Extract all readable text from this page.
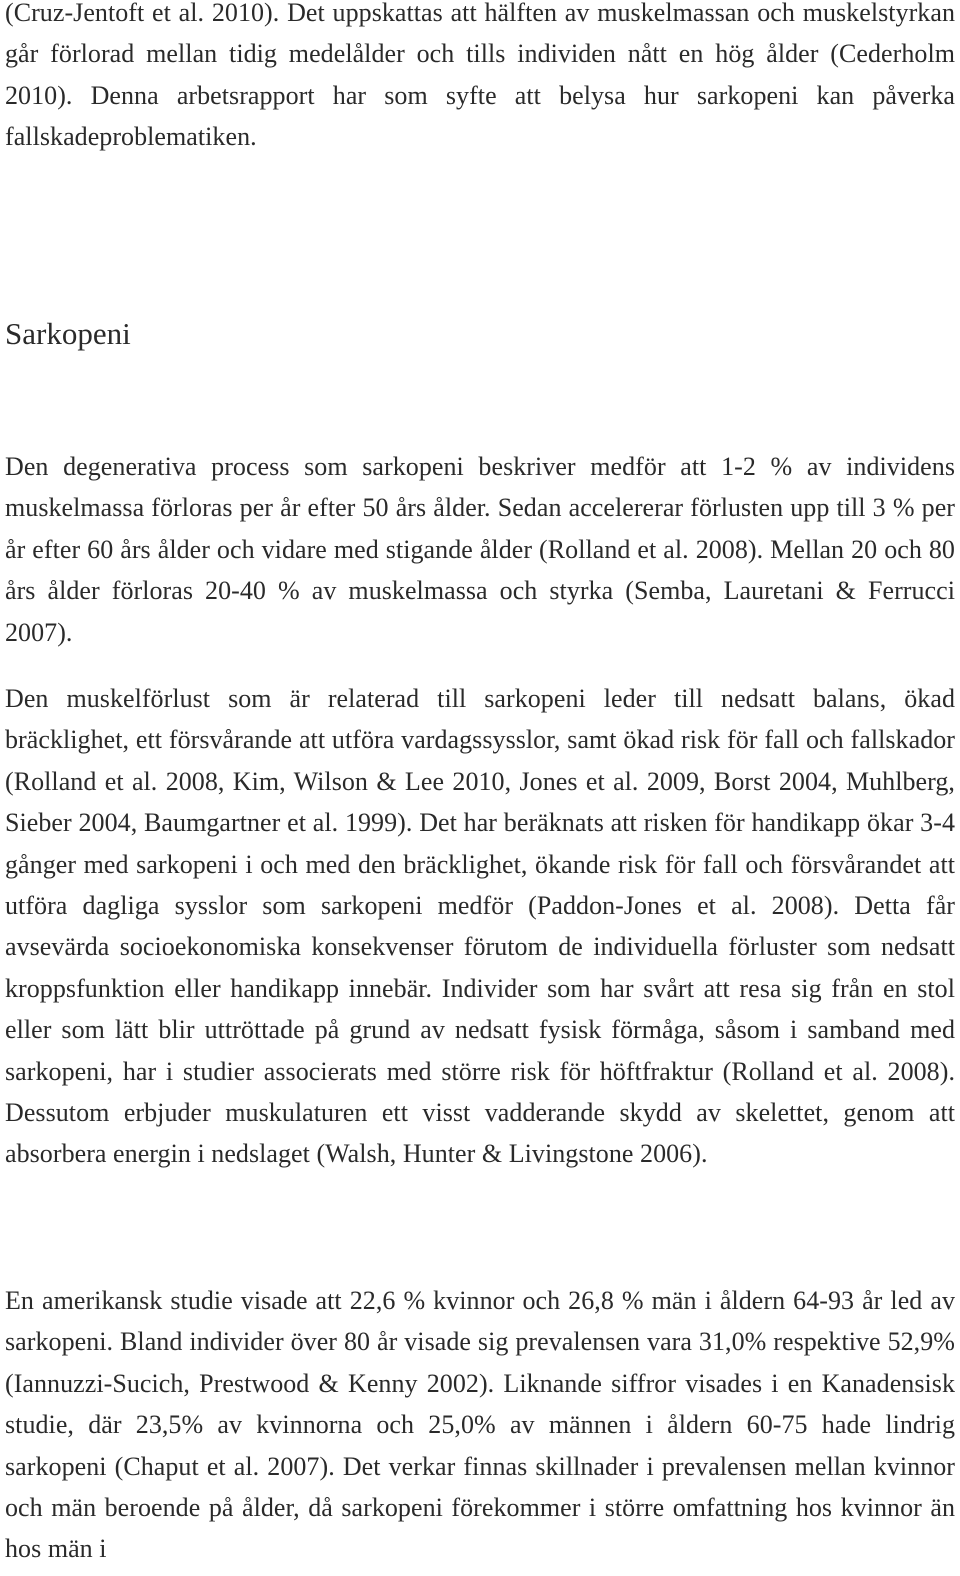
(Cruz-Jentoft et al. 2010). Det uppskattas att hälften av muskelmassan och muskelstyrkan går förlorad mellan tidig medelålder och tills individen nått en hög ålder (Cederholm 2010). Denna arbetsrapport har som syfte att belysa hur sarkopeni kan påverka fallskadeproblematiken.

Sarkopeni

Den degenerativa process som sarkopeni beskriver medför att 1-2 % av individens muskelmassa förloras per år efter 50 års ålder. Sedan accelererar förlusten upp till 3 % per år efter 60 års ålder och vidare med stigande ålder (Rolland et al. 2008). Mellan 20 och 80 års ålder förloras 20-40 % av muskelmassa och styrka (Semba, Lauretani & Ferrucci 2007).

Den muskelförlust som är relaterad till sarkopeni leder till nedsatt balans, ökad bräcklighet, ett försvårande att utföra vardagssysslor, samt ökad risk för fall och fallskador (Rolland et al. 2008, Kim, Wilson & Lee 2010, Jones et al. 2009, Borst 2004, Muhlberg, Sieber 2004, Baumgartner et al. 1999). Det har beräknats att risken för handikapp ökar 3-4 gånger med sarkopeni i och med den bräcklighet, ökande risk för fall och försvårandet att utföra dagliga sysslor som sarkopeni medför (Paddon-Jones et al. 2008). Detta får avsevärda socioekonomiska konsekvenser förutom de individuella förluster som nedsatt kroppsfunktion eller handikapp innebär. Individer som har svårt att resa sig från en stol eller som lätt blir uttröttade på grund av nedsatt fysisk förmåga, såsom i samband med sarkopeni, har i studier associerats med större risk för höftfraktur (Rolland et al. 2008). Dessutom erbjuder muskulaturen ett visst vadderande skydd av skelettet, genom att absorbera energin i nedslaget (Walsh, Hunter & Livingstone 2006).

En amerikansk studie visade att 22,6 % kvinnor och 26,8 % män i åldern 64-93 år led av sarkopeni. Bland individer över 80 år visade sig prevalensen vara 31,0% respektive 52,9% (Iannuzzi-Sucich, Prestwood & Kenny 2002). Liknande siffror visades i en Kanadensisk studie, där 23,5% av kvinnorna och 25,0% av männen i åldern 60-75 hade lindrig sarkopeni (Chaput et al. 2007). Det verkar finnas skillnader i prevalensen mellan kvinnor och män beroende på ålder, då sarkopeni förekommer i större omfattning hos kvinnor än hos män i
